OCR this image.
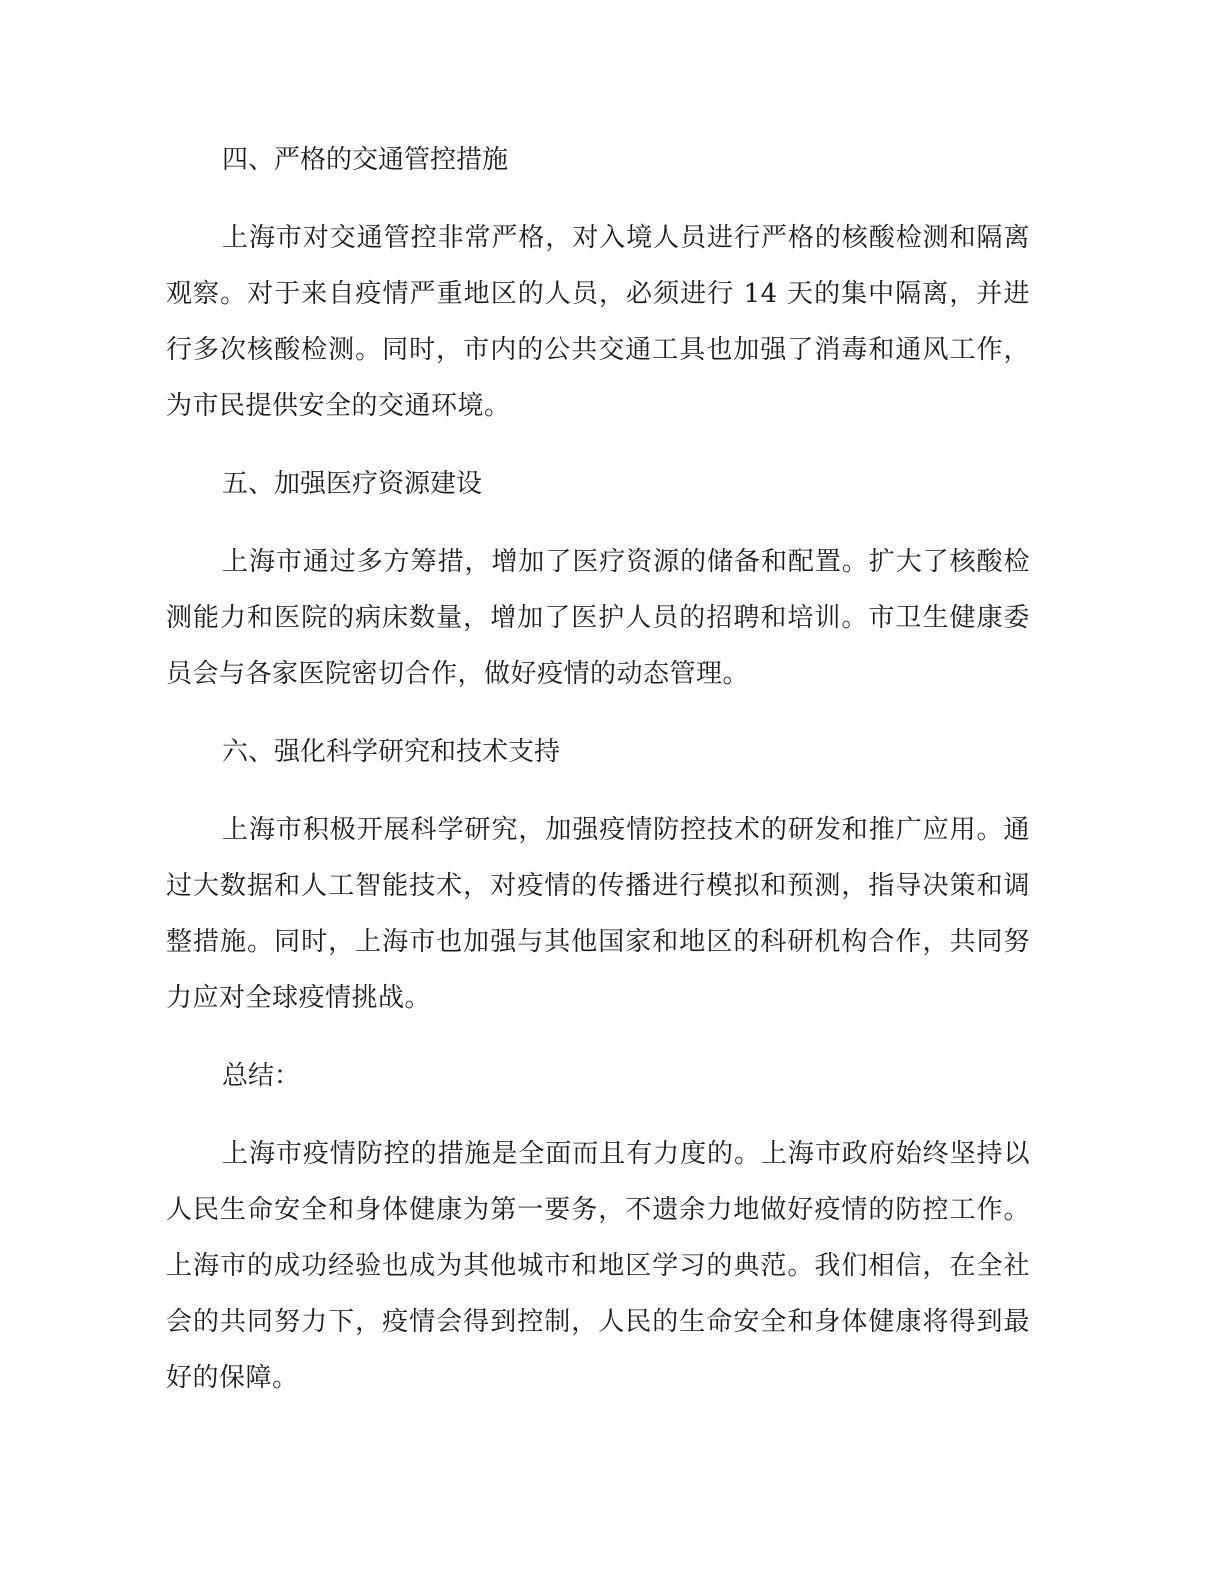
四、严格的交通管控措施

上海市对交通管控非常严格，对入境人员进行严格的核酸检测和隔离观察。对于来自疫情严重地区的人员，必须进行 14 天的集中隔离，并进行多次核酸检测。同时，市内的公共交通工具也加强了消毒和通风工作，为市民提供安全的交通环境。

五、加强医疗资源建设

上海市通过多方筹措，增加了医疗资源的储备和配置。扩大了核酸检测能力和医院的病床数量，增加了医护人员的招聘和培训。市卫生健康委员会与各家医院密切合作，做好疫情的动态管理。

六、强化科学研究和技术支持

上海市积极开展科学研究，加强疫情防控技术的研发和推广应用。通过大数据和人工智能技术，对疫情的传播进行模拟和预测，指导决策和调整措施。同时，上海市也加强与其他国家和地区的科研机构合作，共同努力应对全球疫情挑战。

总结：

上海市疫情防控的措施是全面而且有力度的。上海市政府始终坚持以人民生命安全和身体健康为第一要务，不遗余力地做好疫情的防控工作。上海市的成功经验也成为其他城市和地区学习的典范。我们相信，在全社会的共同努力下，疫情会得到控制，人民的生命安全和身体健康将得到最好的保障。
